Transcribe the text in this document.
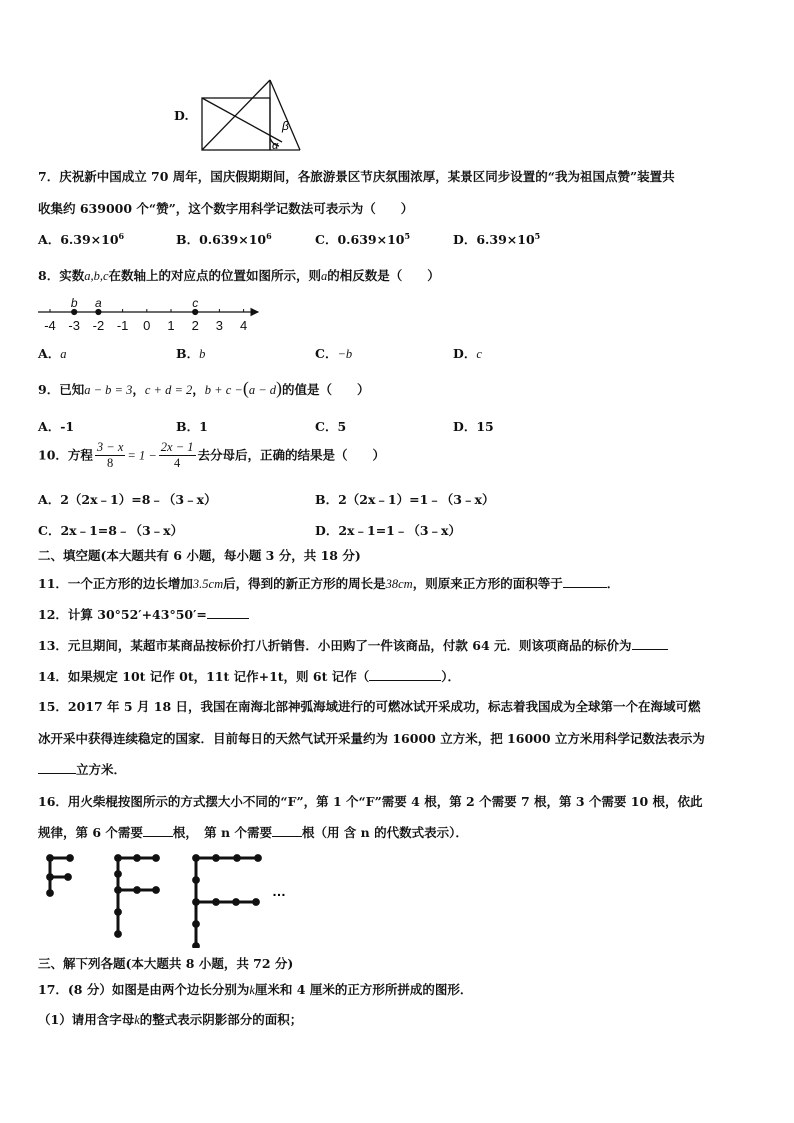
D.
β
α
7．庆祝新中国成立 70 周年，国庆假期期间，各旅游景区节庆氛围浓厚，某景区同步设置的“我为祖国点赞”装置共
收集约 639000 个“赞”，这个数字用科学记数法可表示为（　　）
A．$6.39\times 10^6$	B．$0.639\times 10^6$	C．$0.639\times 10^5$	D．$6.39\times 10^5$
8．实数a,b,c在数轴上的对应点的位置如图所示，则a的相反数是（　　）
-4 -3 -2 -1 0 1 2 3 4
b a	c
A．a	B．b	C．−b	D．c
9．已知a − b = 3，c + d = 2，b + c −(a − d)的值是（　　）
A．-1	B．1	C．5	D．15
10．方程 $\frac{3 - x}{8} = 1 - \frac{2x - 1}{4}$ 去分母后，正确的结果是（　　）
A．2（2x﹣1）=8﹣（3﹣x）	B．2（2x﹣1）=1﹣（3﹣x）
C．2x﹣1=8﹣（3﹣x）	D．2x﹣1=1﹣（3﹣x）
二、填空题(本大题共有 6 小题，每小题 3 分，共 18 分)
11．一个正方形的边长增加3.5cm后，得到的新正方形的周长是38cm，则原来正方形的面积等于	．
12．计算 30°52′+43°50′=
13．元旦期间，某超市某商品按标价打八折销售．小田购了一件该商品，付款 64 元．则该项商品的标价为
14．如果规定 10t 记作 0t，11t 记作+1t，则 6t 记作（	）．
15．2017 年 5 月 18 日，我国在南海北部神弧海域进行的可燃冰试开采成功，标志着我国成为全球第一个在海域可燃
冰开采中获得连续稳定的国家．目前每日的天然气试开采量约为 16000 立方米，把 16000 立方米用科学记数法表示为
立方米．
16．用火柴棍按图所示的方式摆大小不同的“F”，第 1 个“F”需要 4 根，第 2 个需要 7 根，第 3 个需要 10 根，依此
规律，第 6 个需要 根，　第 n 个需要 根（用 含 n 的代数式表示）．
…
三、解下列各题(本大题共 8 小题，共 72 分)
17．(8 分）如图是由两个边长分别为k厘米和 4 厘米的正方形所拼成的图形．
（1）请用含字母k的整式表示阴影部分的面积；
